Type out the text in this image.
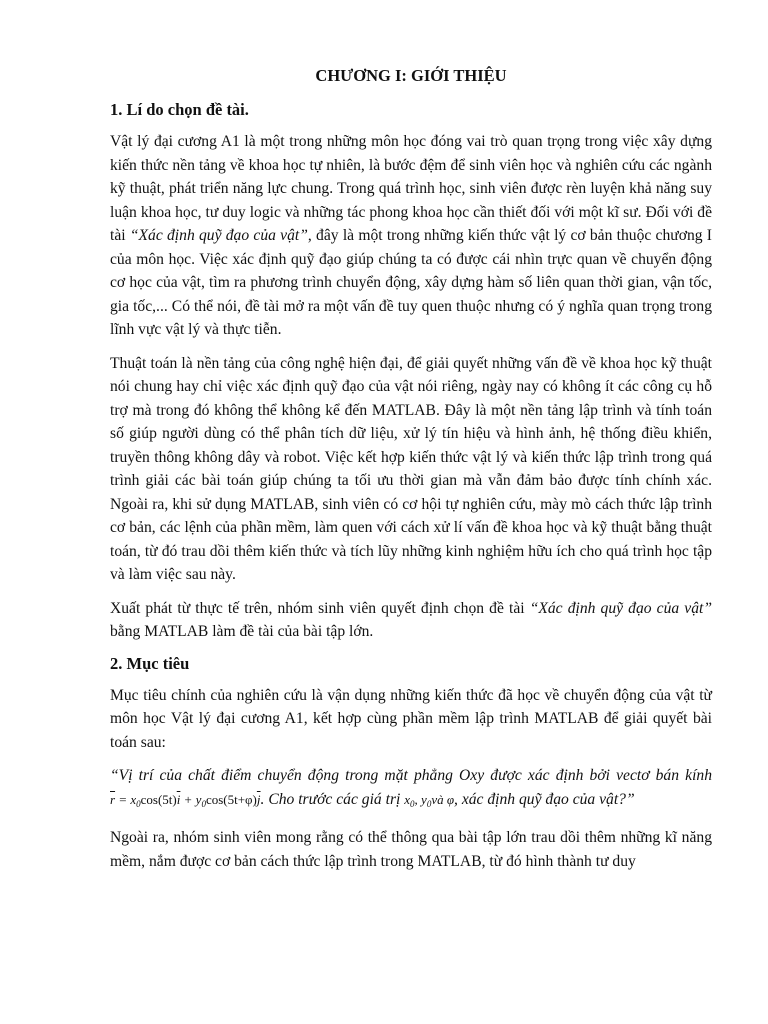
CHƯƠNG I: GIỚI THIỆU
1. Lí do chọn đề tài.

Vật lý đại cương A1 là một trong những môn học đóng vai trò quan trọng trong việc xây dựng kiến thức nền tảng về khoa học tự nhiên, là bước đệm để sinh viên học và nghiên cứu các ngành kỹ thuật, phát triển năng lực chung. Trong quá trình học, sinh viên được rèn luyện khả năng suy luận khoa học, tư duy logic và những tác phong khoa học cần thiết đối với một kĩ sư. Đối với đề tài “Xác định quỹ đạo của vật”, đây là một trong những kiến thức vật lý cơ bản thuộc chương I của môn học. Việc xác định quỹ đạo giúp chúng ta có được cái nhìn trực quan về chuyển động cơ học của vật, tìm ra phương trình chuyển động, xây dựng hàm số liên quan thời gian, vận tốc, gia tốc,... Có thể nói, đề tài mở ra một vấn đề tuy quen thuộc nhưng có ý nghĩa quan trọng trong lĩnh vực vật lý và thực tiễn.

Thuật toán là nền tảng của công nghệ hiện đại, để giải quyết những vấn đề về khoa học kỹ thuật nói chung hay chỉ việc xác định quỹ đạo của vật nói riêng, ngày nay có không ít các công cụ hỗ trợ mà trong đó không thể không kể đến MATLAB. Đây là một nền tảng lập trình và tính toán số giúp người dùng có thể phân tích dữ liệu, xử lý tín hiệu và hình ảnh, hệ thống điều khiển, truyền thông không dây và robot. Việc kết hợp kiến thức vật lý và kiến thức lập trình trong quá trình giải các bài toán giúp chúng ta tối ưu thời gian mà vẫn đảm bảo được tính chính xác. Ngoài ra, khi sử dụng MATLAB, sinh viên có cơ hội tự nghiên cứu, mày mò cách thức lập trình cơ bản, các lệnh của phần mềm, làm quen với cách xử lí vấn đề khoa học và kỹ thuật bằng thuật toán, từ đó trau dồi thêm kiến thức và tích lũy những kinh nghiệm hữu ích cho quá trình học tập và làm việc sau này.

Xuất phát từ thực tế trên, nhóm sinh viên quyết định chọn đề tài “Xác định quỹ đạo của vật” bằng MATLAB làm đề tài của bài tập lớn.

2. Mục tiêu

Mục tiêu chính của nghiên cứu là vận dụng những kiến thức đã học về chuyển động của vật từ môn học Vật lý đại cương A1, kết hợp cùng phần mềm lập trình MATLAB để giải quyết bài toán sau:

“Vị trí của chất điểm chuyển động trong mặt phẳng Oxy được xác định bởi vectơ bán kính $\overline{r} = x_0\cos(5t)\overline{i} + y_0\cos(5t+\varphi)\overline{j}$. Cho trước các giá trị $x_0$, $y_0và$ φ, xác định quỹ đạo của vật?”

Ngoài ra, nhóm sinh viên mong rằng có thể thông qua bài tập lớn trau dồi thêm những kĩ năng mềm, nắm được cơ bản cách thức lập trình trong MATLAB, từ đó hình thành tư duy
